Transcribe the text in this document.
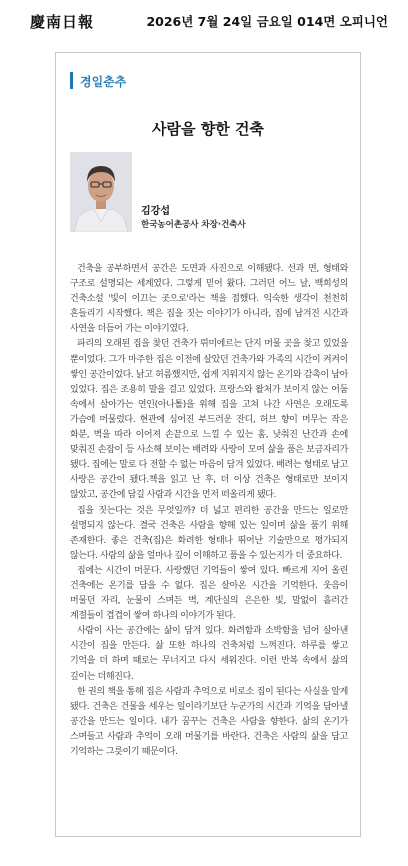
慶南日報	2026년 7월 24일 금요일 014면 오피니언
경일춘추
사람을 향한 건축
김강섭
한국농어촌공사 차장·건축사

건축을 공부하면서 공간은 도면과 사진으로 이해됐다. 선과 면, 형태와 구조로 설명되는 세계였다. 그렇게 믿어 왔다. 그러던 어느 날, 백희성의 건축소설 '빛이 이끄는 곳으로'라는 책을 접했다. 익숙한 생각이 천천히 흔들리기 시작했다. 책은 집을 짓는 이야기가 아니라, 집에 남겨진 시간과 사연을 더듬어 가는 이야기였다.

파리의 오래된 집을 찾던 건축가 뤼미에르는 단지 머물 곳을 찾고 있었을 뿐이었다. 그가 마주한 집은 이전에 살았던 건축가와 가족의 시간이 켜켜이 쌓인 공간이었다. 낡고 허름했지만, 쉽게 지워지지 않는 온기와 감촉이 남아 있었다. 집은 조용히 말을 걸고 있었다. 프랑스와 왈처가 보이지 않는 어둠 속에서 살아가는 연인(아나톨)을 위해 집을 고쳐 나간 사연은 오래도록 가슴에 머물렀다. 현관에 심어진 부드러운 잔디, 허브 향이 머무는 작은 화분, 벽을 따라 이어져 손끝으로 느낄 수 있는 홈, 낮춰진 난간과 손에 맞춰진 손잡이 등 사소해 보이는 배려와 사랑이 모여 삶을 품은 보금자리가 됐다. 집에는 말로 다 전할 수 없는 마음이 담겨 있었다. 배려는 형태로 남고 사랑은 공간이 됐다.책을 읽고 난 후, 더 이상 건축은 형태로만 보이지 않았고, 공간에 담길 사람과 시간을 먼저 떠올리게 됐다.

집을 짓는다는 것은 무엇일까? 더 넓고 편리한 공간을 만드는 일로만 설명되지 않는다. 결국 건축은 사람을 향해 있는 일이며 삶을 품기 위해 존재한다. 좋은 건축(집)은 화려한 형태나 뛰어난 기술만으로 평가되지 않는다. 사람의 삶을 얼마나 깊이 이해하고 품을 수 있는지가 더 중요하다.

집에는 시간이 머문다. 사랑했던 기억들이 쌓여 있다. 빠르게 지어 올린 건축에는 온기를 담을 수 없다. 집은 살아온 시간을 기억한다. 웃음이 머물던 자리, 눈물이 스며든 벽, 계단실의 은은한 빛, 말없이 흘러간 계절들이 겹겹이 쌓여 하나의 이야기가 된다.

사람이 사는 공간에는 삶이 담겨 있다. 화려함과 소박함을 넘어 살아낸 시간이 집을 만든다. 삶 또한 하나의 건축처럼 느껴진다. 하루를 쌓고 기억을 더 하며 때로는 무너지고 다시 세워진다. 이런 반복 속에서 삶의 깊이는 더해진다.

한 권의 책을 통해 집은 사람과 추억으로 비로소 집이 된다는 사실을 알게 됐다. 건축은 건물을 세우는 일이라기보단 누군가의 시간과 기억을 담아낼 공간을 만드는 일이다. 내가 꿈꾸는 건축은 사람을 향한다. 삶의 온기가 스며들고 사람과 추억이 오래 머물기를 바란다. 건축은 사람의 삶을 담고 기억하는 그릇이기 때문이다.
